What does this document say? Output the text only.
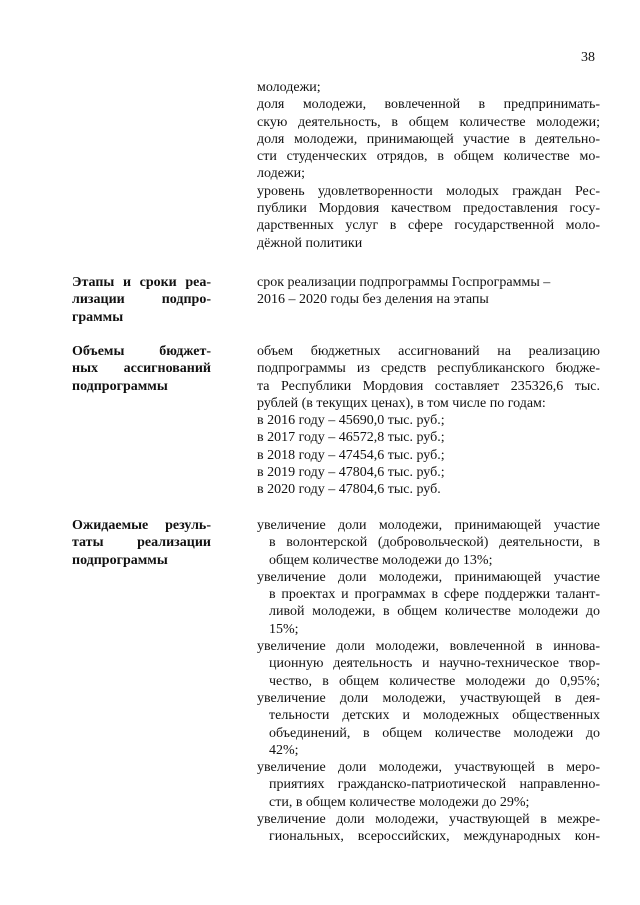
38
молодежи;
доля молодежи, вовлеченной в предпринимать-
скую деятельность, в общем количестве молодежи;
доля молодежи, принимающей участие в деятельно-
сти студенческих отрядов, в общем количестве мо-
лодежи;
уровень удовлетворенности молодых граждан Рес-
публики Мордовия качеством предоставления госу-
дарственных услуг в сфере государственной моло-
дёжной политики
Этапы и сроки реа-
лизации подпро-
граммы
срок реализации подпрограммы Госпрограммы –
2016 – 2020 годы без деления на этапы
Объемы бюджет-
ных ассигнований
подпрограммы
объем бюджетных ассигнований на реализацию
подпрограммы из средств республиканского бюдже-
та Республики Мордовия составляет 235326,6 тыс.
рублей (в текущих ценах), в том числе по годам:
в 2016 году – 45690,0 тыс. руб.;
в 2017 году – 46572,8 тыс. руб.;
в 2018 году – 47454,6 тыс. руб.;
в 2019 году – 47804,6 тыс. руб.;
в 2020 году – 47804,6 тыс. руб.
Ожидаемые резуль-
таты реализации
подпрограммы
увеличение доли молодежи, принимающей участие
в волонтерской (добровольческой) деятельности, в
общем количестве молодежи до 13%;
увеличение доли молодежи, принимающей участие
в проектах и программах в сфере поддержки талант-
ливой молодежи, в общем количестве молодежи до
15%;
увеличение доли молодежи, вовлеченной в иннова-
ционную деятельность и научно-техническое твор-
чество, в общем количестве молодежи до 0,95%;
увеличение доли молодежи, участвующей в дея-
тельности детских и молодежных общественных
объединений, в общем количестве молодежи до
42%;
увеличение доли молодежи, участвующей в меро-
приятиях гражданско-патриотической направленно-
сти, в общем количестве молодежи до 29%;
увеличение доли молодежи, участвующей в межре-
гиональных, всероссийских, международных кон-
